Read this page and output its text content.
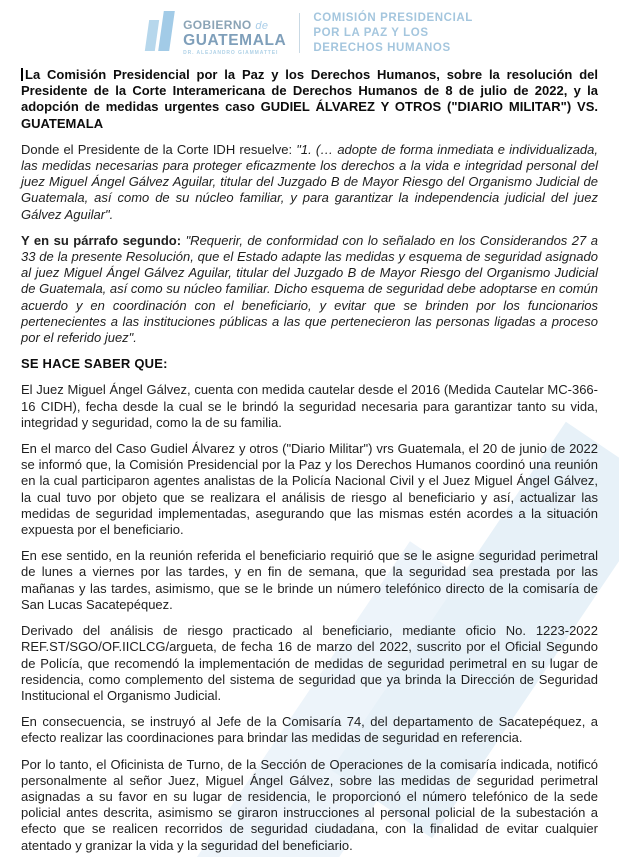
GOBIERNO de
GUATEMALA
DR. ALEJANDRO GIAMMATTEI
COMISIÓN PRESIDENCIAL
POR LA PAZ Y LOS
DERECHOS HUMANOS

La Comisión Presidencial por la Paz y los Derechos Humanos, sobre la resolución del Presidente de la Corte Interamericana de Derechos Humanos de 8 de julio de 2022, y la adopción de medidas urgentes caso GUDIEL ÁLVAREZ Y OTROS ("DIARIO MILITAR") VS. GUATEMALA

Donde el Presidente de la Corte IDH resuelve: "1. (… adopte de forma inmediata e individualizada, las medidas necesarias para proteger eficazmente los derechos a la vida e integridad personal del juez Miguel Ángel Gálvez Aguilar, titular del Juzgado B de Mayor Riesgo del Organismo Judicial de Guatemala, así como de su núcleo familiar, y para garantizar la independencia judicial del juez Gálvez Aguilar".

Y en su párrafo segundo: "Requerir, de conformidad con lo señalado en los Considerandos 27 a 33 de la presente Resolución, que el Estado adapte las medidas y esquema de seguridad asignado al juez Miguel Ángel Gálvez Aguilar, titular del Juzgado B de Mayor Riesgo del Organismo Judicial de Guatemala, así como su núcleo familiar. Dicho esquema de seguridad debe adoptarse en común acuerdo y en coordinación con el beneficiario, y evitar que se brinden por los funcionarios pertenecientes a las instituciones públicas a las que pertenecieron las personas ligadas a proceso por el referido juez".

SE HACE SABER QUE:

El Juez Miguel Ángel Gálvez, cuenta con medida cautelar desde el 2016 (Medida Cautelar MC-366-16 CIDH), fecha desde la cual se le brindó la seguridad necesaria para garantizar tanto su vida, integridad y seguridad, como la de su familia.

En el marco del Caso Gudiel Álvarez y otros ("Diario Militar") vrs Guatemala, el 20 de junio de 2022 se informó que, la Comisión Presidencial por la Paz y los Derechos Humanos coordinó una reunión en la cual participaron agentes analistas de la Policía Nacional Civil y el Juez Miguel Ángel Gálvez, la cual tuvo por objeto que se realizara el análisis de riesgo al beneficiario y así, actualizar las medidas de seguridad implementadas, asegurando que las mismas estén acordes a la situación expuesta por el beneficiario.

En ese sentido, en la reunión referida el beneficiario requirió que se le asigne seguridad perimetral de lunes a viernes por las tardes, y en fin de semana, que la seguridad sea prestada por las mañanas y las tardes, asimismo, que se le brinde un número telefónico directo de la comisaría de San Lucas Sacatepéquez.

Derivado del análisis de riesgo practicado al beneficiario, mediante oficio No. 1223-2022 REF.ST/SGO/OF.IICLCG/argueta, de fecha 16 de marzo del 2022, suscrito por el Oficial Segundo de Policía, que recomendó la implementación de medidas de seguridad perimetral en su lugar de residencia, como complemento del sistema de seguridad que ya brinda la Dirección de Seguridad Institucional el Organismo Judicial.

En consecuencia, se instruyó al Jefe de la Comisaría 74, del departamento de Sacatepéquez, a efecto realizar las coordinaciones para brindar las medidas de seguridad en referencia.

Por lo tanto, el Oficinista de Turno, de la Sección de Operaciones de la comisaría indicada, notificó personalmente al señor Juez, Miguel Ángel Gálvez, sobre las medidas de seguridad perimetral asignadas a su favor en su lugar de residencia, le proporcionó el número telefónico de la sede policial antes descrita, asimismo se giraron instrucciones al personal policial de la subestación a efecto que se realicen recorridos de seguridad ciudadana, con la finalidad de evitar cualquier atentado y granizar la vida y la seguridad del beneficiario.
